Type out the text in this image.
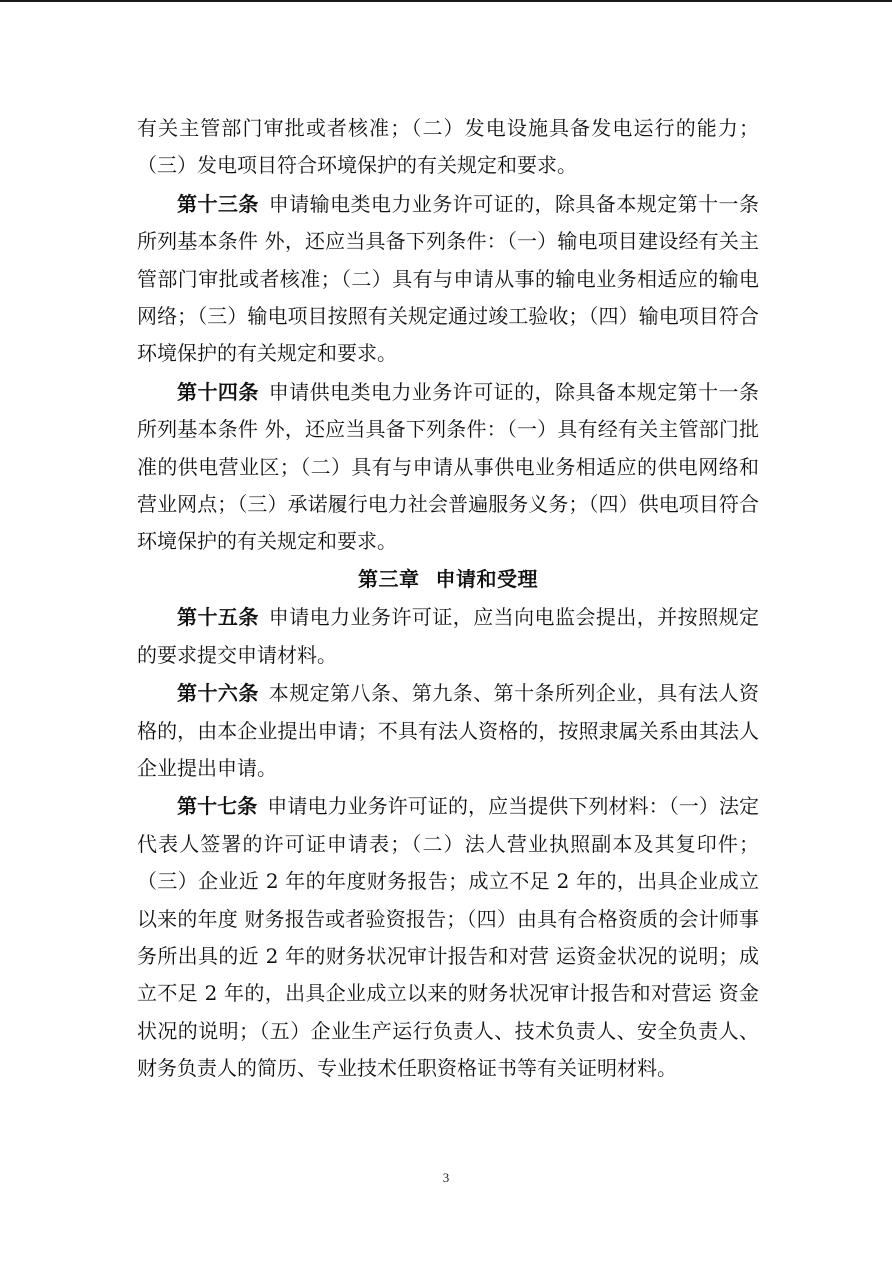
有关主管部门审批或者核准；（二）发电设施具备发电运行的能力；（三）发电项目符合环境保护的有关规定和要求。

第十三条 申请输电类电力业务许可证的，除具备本规定第十一条所列基本条件 外，还应当具备下列条件：（一）输电项目建设经有关主管部门审批或者核准；（二）具有与申请从事的输电业务相适应的输电网络；（三）输电项目按照有关规定通过竣工验收；（四）输电项目符合环境保护的有关规定和要求。

第十四条 申请供电类电力业务许可证的，除具备本规定第十一条所列基本条件 外，还应当具备下列条件：（一）具有经有关主管部门批准的供电营业区；（二）具有与申请从事供电业务相适应的供电网络和营业网点；（三）承诺履行电力社会普遍服务义务；（四）供电项目符合环境保护的有关规定和要求。

第三章 申请和受理

第十五条 申请电力业务许可证，应当向电监会提出，并按照规定的要求提交申请材料。

第十六条 本规定第八条、第九条、第十条所列企业，具有法人资格的，由本企业提出申请；不具有法人资格的，按照隶属关系由其法人企业提出申请。

第十七条 申请电力业务许可证的，应当提供下列材料：（一）法定代表人签署的许可证申请表；（二）法人营业执照副本及其复印件；（三）企业近 2 年的年度财务报告；成立不足 2 年的，出具企业成立以来的年度 财务报告或者验资报告；（四）由具有合格资质的会计师事务所出具的近 2 年的财务状况审计报告和对营 运资金状况的说明；成立不足 2 年的，出具企业成立以来的财务状况审计报告和对营运 资金状况的说明；（五）企业生产运行负责人、技术负责人、安全负责人、财务负责人的简历、专业技术任职资格证书等有关证明材料。

3
